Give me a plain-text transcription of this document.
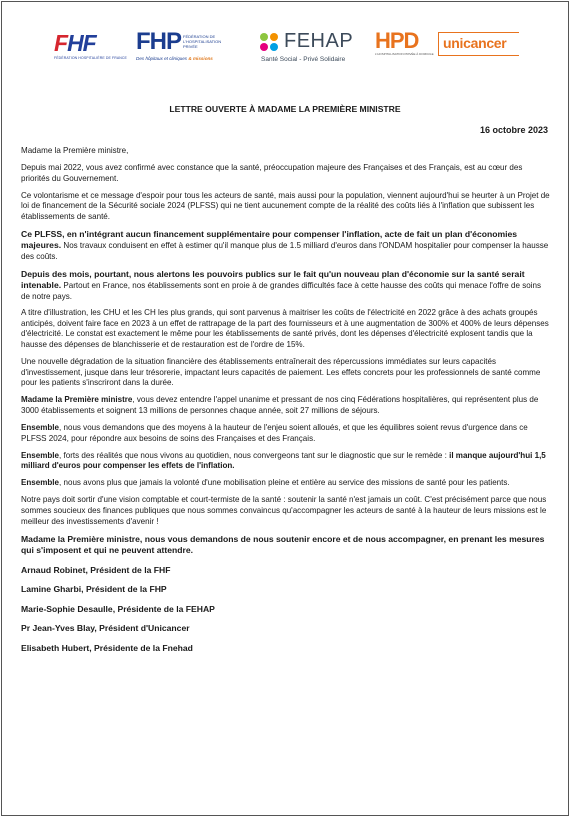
FHF
FÉDÉRATION HOSPITALIÈRE DE FRANCE
FHP FÉDÉRATION DE L'HOSPITALISATION PRIVÉE
Des hôpitaux et cliniques & missions
FEHAP
Santé Social - Privé Solidaire
HPD
L'HOSPITALISATION PRIVÉE À DOMICILE
unicancer
LETTRE OUVERTE À MADAME LA PREMIÈRE MINISTRE
16 octobre 2023

Madame la Première ministre,

Depuis mai 2022, vous avez confirmé avec constance que la santé, préoccupation majeure des Françaises et des Français, est au cœur des priorités du Gouvernement.

Ce volontarisme et ce message d'espoir pour tous les acteurs de santé, mais aussi pour la population, viennent aujourd'hui se heurter à un Projet de loi de financement de la Sécurité sociale 2024 (PLFSS) qui ne tient aucunement compte de la réalité des coûts liés à l'inflation que subissent les établissements de santé.

Ce PLFSS, en n'intégrant aucun financement supplémentaire pour compenser l'inflation, acte de fait un plan d'économies majeures. Nos travaux conduisent en effet à estimer qu'il manque plus de 1.5 milliard d'euros dans l'ONDAM hospitalier pour compenser la hausse des coûts.

Depuis des mois, pourtant, nous alertons les pouvoirs publics sur le fait qu'un nouveau plan d'économie sur la santé serait intenable. Partout en France, nos établissements sont en proie à de grandes difficultés face à cette hausse des coûts qui menace l'offre de soins de notre pays.

A titre d'illustration, les CHU et les CH les plus grands, qui sont parvenus à maitriser les coûts de l'électricité en 2022 grâce à des achats groupés anticipés, doivent faire face en 2023 à un effet de rattrapage de la part des fournisseurs et à une augmentation de 300% et 400% de leurs dépenses d'électricité. Le constat est exactement le même pour les établissements de santé privés, dont les dépenses d'électricité explosent tandis que la hausse des dépenses de blanchisserie et de restauration est de l'ordre de 15%.

Une nouvelle dégradation de la situation financière des établissements entraînerait des répercussions immédiates sur leurs capacités d'investissement, jusque dans leur trésorerie, impactant leurs capacités de paiement. Les effets concrets pour les professionnels de santé comme pour les patients s'inscriront dans la durée.

Madame la Première ministre, vous devez entendre l'appel unanime et pressant de nos cinq Fédérations hospitalières, qui représentent plus de 3000 établissements et soignent 13 millions de personnes chaque année, soit 27 millions de séjours.

Ensemble, nous vous demandons que des moyens à la hauteur de l'enjeu soient alloués, et que les équilibres soient revus d'urgence dans ce PLFSS 2024, pour répondre aux besoins de soins des Françaises et des Français.

Ensemble, forts des réalités que nous vivons au quotidien, nous convergeons tant sur le diagnostic que sur le remède : il manque aujourd'hui 1,5 milliard d'euros pour compenser les effets de l'inflation.

Ensemble, nous avons plus que jamais la volonté d'une mobilisation pleine et entière au service des missions de santé pour les patients.

Notre pays doit sortir d'une vision comptable et court-termiste de la santé : soutenir la santé n'est jamais un coût. C'est précisément parce que nous sommes soucieux des finances publiques que nous sommes convaincus qu'accompagner les acteurs de santé à la hauteur de leurs missions est le meilleur des investissements d'avenir !

Madame la Première ministre, nous vous demandons de nous soutenir encore et de nous accompagner, en prenant les mesures qui s'imposent et qui ne peuvent attendre.

Arnaud Robinet, Président de la FHF
Lamine Gharbi, Président de la FHP
Marie-Sophie Desaulle, Présidente de la FEHAP
Pr Jean-Yves Blay, Président d'Unicancer
Elisabeth Hubert, Présidente de la Fnehad
